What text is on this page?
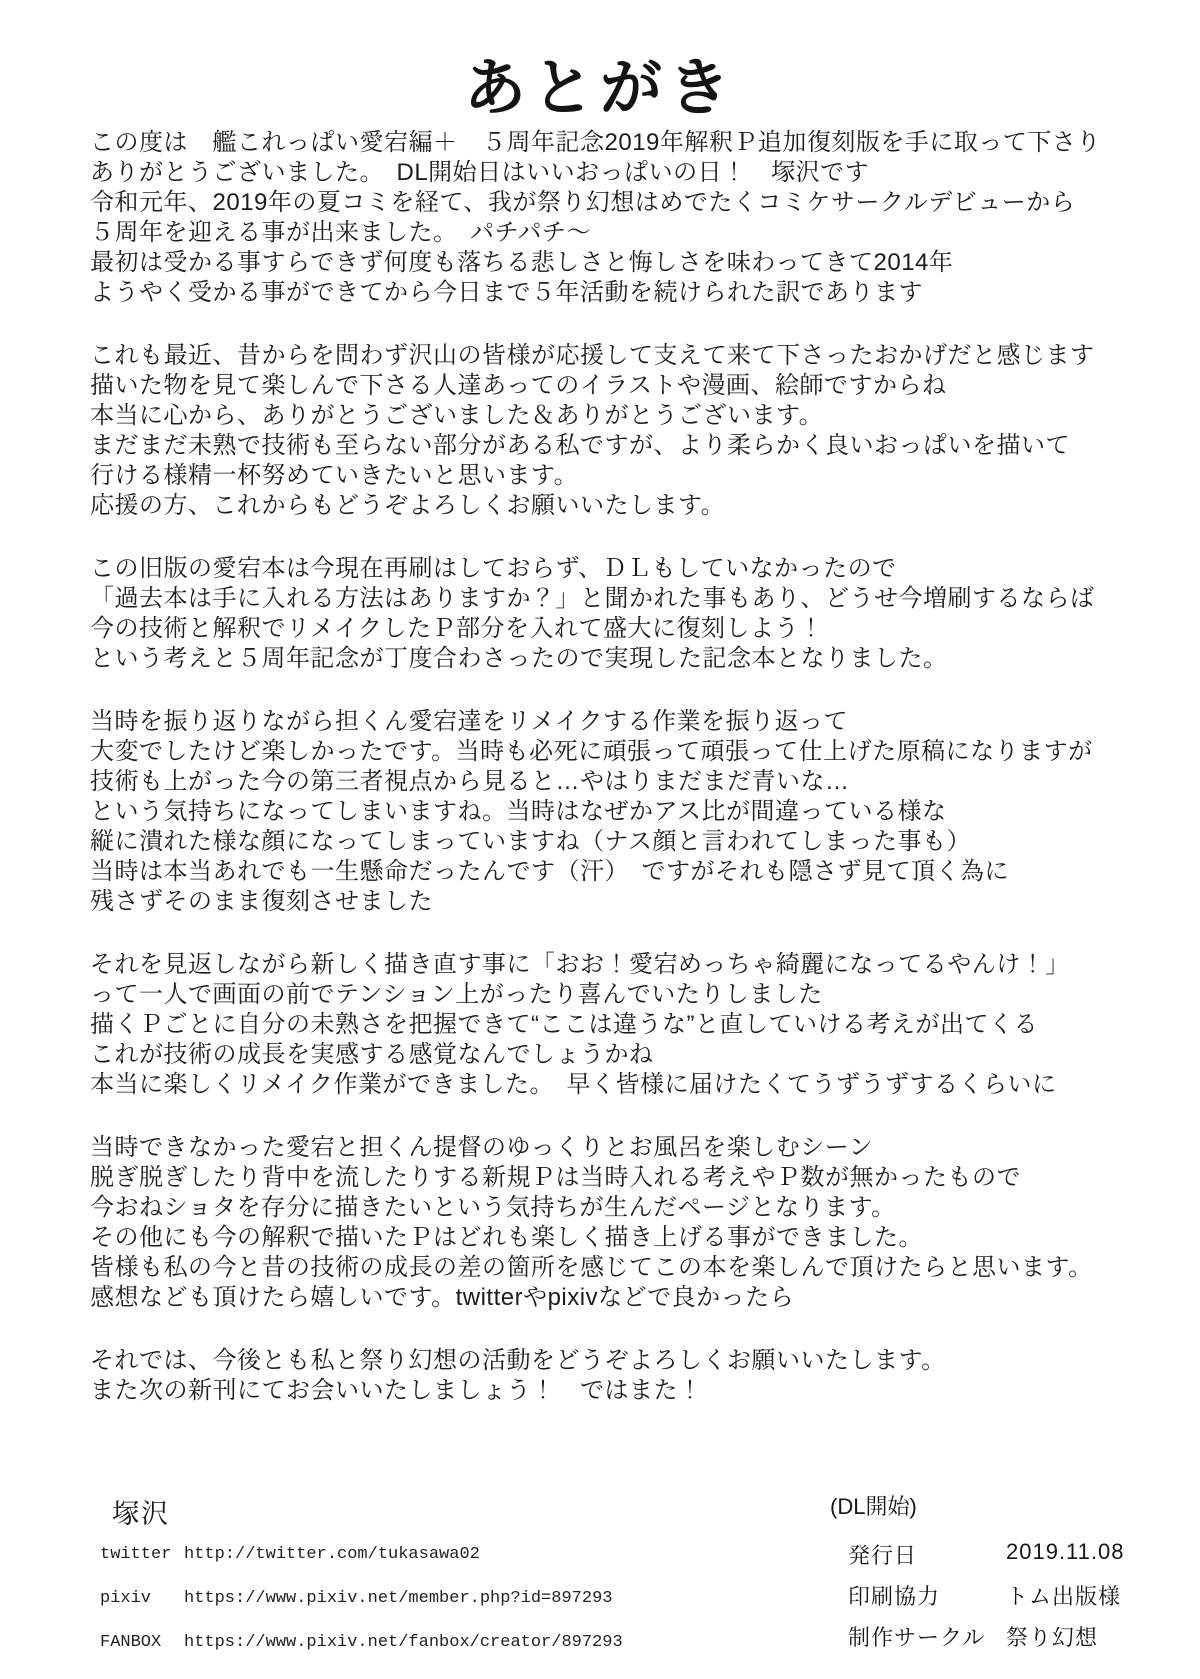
あとがき

この度は　艦これっぱい愛宕編＋　５周年記念2019年解釈Ｐ追加復刻版を手に取って下さり
ありがとうございました。　DL開始日はいいおっぱいの日！　塚沢です
令和元年、2019年の夏コミを経て、我が祭り幻想はめでたくコミケサークルデビューから
５周年を迎える事が出来ました。　パチパチ～
最初は受かる事すらできず何度も落ちる悲しさと悔しさを味わってきて2014年
ようやく受かる事ができてから今日まで５年活動を続けられた訳であります

これも最近、昔からを問わず沢山の皆様が応援して支えて来て下さったおかげだと感じます
描いた物を見て楽しんで下さる人達あってのイラストや漫画、絵師ですからね
本当に心から、ありがとうございました＆ありがとうございます。
まだまだ未熟で技術も至らない部分がある私ですが、より柔らかく良いおっぱいを描いて
行ける様精一杯努めていきたいと思います。
応援の方、これからもどうぞよろしくお願いいたします。

この旧版の愛宕本は今現在再刷はしておらず、ＤＬもしていなかったので
「過去本は手に入れる方法はありますか？」と聞かれた事もあり、どうせ今増刷するならば
今の技術と解釈でリメイクしたＰ部分を入れて盛大に復刻しよう！
という考えと５周年記念が丁度合わさったので実現した記念本となりました。

当時を振り返りながら担くん愛宕達をリメイクする作業を振り返って
大変でしたけど楽しかったです。当時も必死に頑張って頑張って仕上げた原稿になりますが
技術も上がった今の第三者視点から見ると…やはりまだまだ青いな…
という気持ちになってしまいますね。当時はなぜかアス比が間違っている様な
縦に潰れた様な顔になってしまっていますね（ナス顔と言われてしまった事も）
当時は本当あれでも一生懸命だったんです（汗）　ですがそれも隠さず見て頂く為に
残さずそのまま復刻させました

それを見返しながら新しく描き直す事に「おお！愛宕めっちゃ綺麗になってるやんけ！」
って一人で画面の前でテンション上がったり喜んでいたりしました
描くＰごとに自分の未熟さを把握できて“ここは違うな”と直していける考えが出てくる
これが技術の成長を実感する感覚なんでしょうかね
本当に楽しくリメイク作業ができました。　早く皆様に届けたくてうずうずするくらいに

当時できなかった愛宕と担くん提督のゆっくりとお風呂を楽しむシーン
脱ぎ脱ぎしたり背中を流したりする新規Ｐは当時入れる考えやＰ数が無かったもので
今おねショタを存分に描きたいという気持ちが生んだページとなります。
その他にも今の解釈で描いたＰはどれも楽しく描き上げる事ができました。
皆様も私の今と昔の技術の成長の差の箇所を感じてこの本を楽しんで頂けたらと思います。
感想なども頂けたら嬉しいです。twitterやpixivなどで良かったら

それでは、今後とも私と祭り幻想の活動をどうぞよろしくお願いいたします。
また次の新刊にてお会いいたしましょう！　ではまた！

塚沢
twitter http://twitter.com/tukasawa02
pixiv	https://www.pixiv.net/member.php?id=897293
FANBOX	https://www.pixiv.net/fanbox/creator/897293
(DL開始)
発行日	2019.11.08
印刷協力	トム出版様
制作サークル 祭り幻想
